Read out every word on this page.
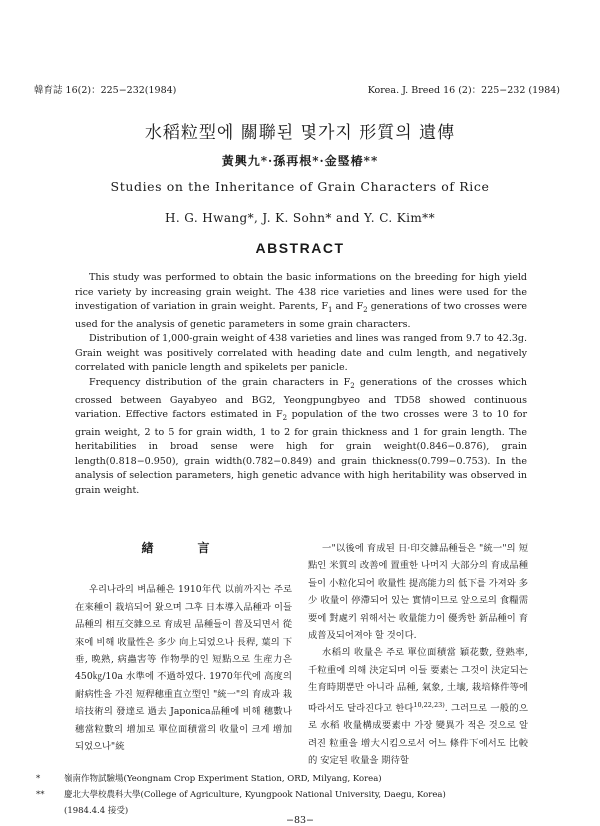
韓育誌 16(2)：225−232(1984)	Korea. J. Breed 16 (2)：225−232 (1984)
水稻粒型에 關聯된 몇가지 形質의 遺傳
黃興九*·孫再根*·金𤦼椿**
Studies on the Inheritance of Grain Characters of Rice
H. G. Hwang*, J. K. Sohn* and Y. C. Kim**
ABSTRACT

This study was performed to obtain the basic informations on the breeding for high yield rice variety by increasing grain weight. The 438 rice varieties and lines were used for the investigation of variation in grain weight. Parents, $F_1$ and $F_2$ generations of two crosses were used for the analysis of genetic parameters in some grain characters.

Distribution of 1,000-grain weight of 438 varieties and lines was ranged from 9.7 to 42.3g. Grain weight was positively correlated with heading date and culm length, and negatively correlated with panicle length and spikelets per panicle.

Frequency distribution of the grain characters in $F_2$ generations of the crosses which crossed between Gayabyeo and BG2, Yeongpungbyeo and TD58 showed continuous variation. Effective factors estimated in $F_2$ population of the two crosses were 3 to 10 for grain weight, 2 to 5 for grain width, 1 to 2 for grain thickness and 1 for grain length. The heritabilities in broad sense were high for grain weight(0.846−0.876), grain length(0.818−0.950), grain width(0.782−0.849) and grain thickness(0.799−0.753). In the analysis of selection parameters, high genetic advance with high heritability was observed in grain weight.

緖　言

우리나라의 벼品種은 1910年代 以前까지는 주로 在來種이 栽培되어 왔으며 그후 日本導入品種과 이들 品種의 相互交雜으로 育成된 品種들이 普及되면서 從來에 비해 收量性은 多少 向上되었으나 長稈, 葉의 下垂, 晩熟, 病蟲害等 作物學的인 短點으로 生産力은 450㎏/10a 水準에 不過하였다. 1970年代에 高度의 耐病性을 가진 短稈穗重直立型인 "統一"의 育成과 栽培技術의 發達로 過去 Japonica品種에 비해 穗數나 穗當粒數의 增加로 單位面積當의 收量이 크게 增加되었으나"統

一"以後에 育成된 日·印交雜品種들은 "統一"의 短點인 米質의 改善에 置重한 나머지 大部分의 育成品種들이 小粒化되어 收量性 提高能力의 低下를 가져와 多少 收量이 停滯되어 있는 實情이므로 앞으로의 食糧需要에 對處키 위해서는 收量能力이 優秀한 新品種이 育成普及되어져야 할 것이다.

水稻의 收量은 주로 單位面積當 穎花數, 登熟率, 千粒重에 의해 決定되며 이들 要素는 그것이 決定되는 生育時期뿐만 아니라 品種, 氣象, 土壤, 栽培條件等에 따라서도 달라진다고 한다$^{10,22,23)}$. 그러므로 一般的으로 水稻 收量構成要素中 가장 變異가 적은 것으로 알려진 粒重을 增大시킴으로서 어느 條件下에서도 比較的 安定된 收量을 期待할

*	嶺南作物試驗場(Yeongnam Crop Experiment Station, ORD, Milyang, Korea)
** 慶北大學校農科大學(College of Agriculture, Kyungpook National University, Daegu, Korea)
(1984.4.4 接受)
−83−
